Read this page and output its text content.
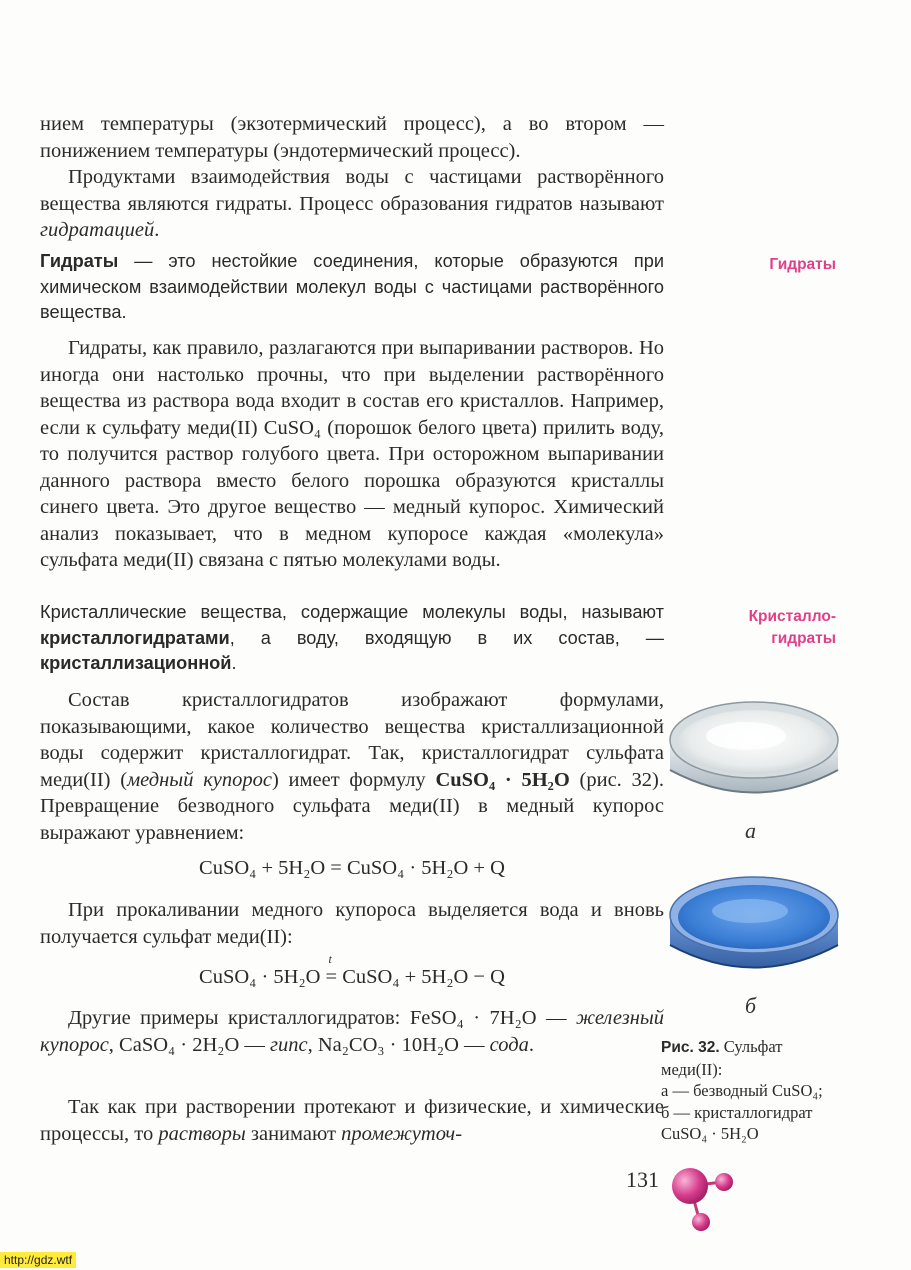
нием температуры (экзотермический процесс), а во втором — понижением температуры (эндотермический процесс).

Продуктами взаимодействия воды с частицами растворённого вещества являются гидраты. Процесс образования гидратов называют гидратацией.

Гидраты — это нестойкие соединения, которые образуются при химическом взаимодействии молекул воды с частицами растворённого вещества.

Гидраты, как правило, разлагаются при выпаривании растворов. Но иногда они настолько прочны, что при выделении растворённого вещества из раствора вода входит в состав его кристаллов. Например, если к сульфату меди(II) CuSO₄ (порошок белого цвета) прилить воду, то получится раствор голубого цвета. При осторожном выпаривании данного раствора вместо белого порошка образуются кристаллы синего цвета. Это другое вещество — медный купорос. Химический анализ показывает, что в медном купоросе каждая «молекула» сульфата меди(II) связана с пятью молекулами воды.

Кристаллические вещества, содержащие молекулы воды, называют кристаллогидратами, а воду, входящую в их состав, — кристаллизационной.

Состав кристаллогидратов изображают формулами, показывающими, какое количество вещества кристаллизационной воды содержит кристаллогидрат. Так, кристаллогидрат сульфата меди(II) (медный купорос) имеет формулу CuSO₄ · 5H₂O (рис. 32). Превращение безводного сульфата меди(II) в медный купорос выражают уравнением:

CuSO₄ + 5H₂O = CuSO₄ · 5H₂O + Q

При прокаливании медного купороса выделяется вода и вновь получается сульфат меди(II):

CuSO₄ · 5H₂O
t
= CuSO₄ + 5H₂O − Q

Другие примеры кристаллогидратов: FeSO₄ · 7H₂O — железный купорос, CaSO₄ · 2H₂O — гипс, Na₂CO₃ · 10H₂O — сода.

Так как при растворении протекают и физические, и химические процессы, то растворы занимают промежуточ-

Гидраты
Кристалло-
гидраты
а
б
Рис. 32. Сульфат меди(II):
а — безводный CuSO₄;
б — кристаллогидрат CuSO₄ · 5H₂O
131
http://gdz.wtf
